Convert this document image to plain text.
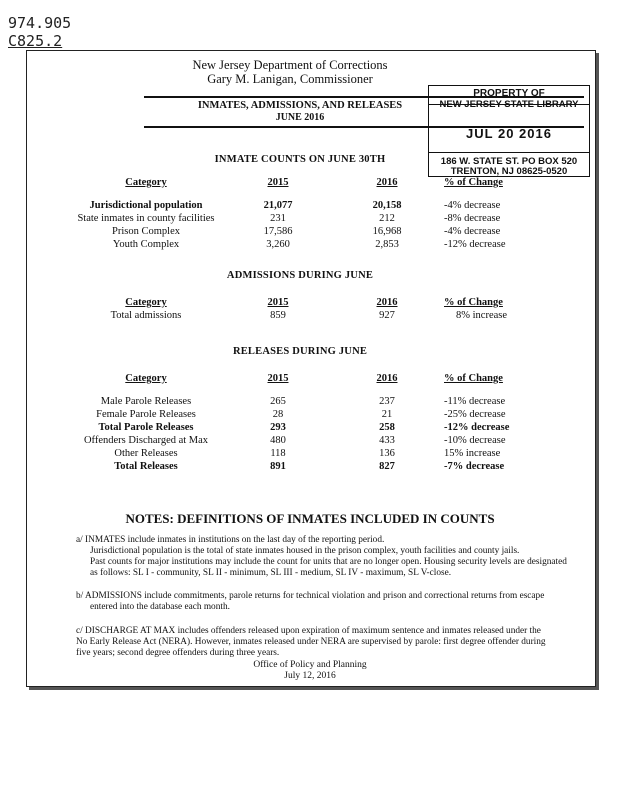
974.905
C825.2
New Jersey Department of Corrections
Gary M. Lanigan, Commissioner
INMATES, ADMISSIONS, AND RELEASES
JUNE 2016
PROPERTY OF
NEW JERSEY STATE LIBRARY
JUL 20 2016
186 W. STATE ST. PO BOX 520
TRENTON, NJ 08625-0520
INMATE COUNTS ON JUNE 30TH
Category	2015	2016	% of Change

Jurisdictional population	21,077	20,158	-4% decrease
State inmates in county facilities	231	212	-8% decrease
Prison Complex	17,586	16,968	-4% decrease
Youth Complex	3,260	2,853	-12% decrease
ADMISSIONS DURING JUNE
Category	2015	2016	% of Change
Total admissions	859	927	8% increase
RELEASES DURING JUNE
Category	2015	2016	% of Change

Male Parole Releases	265	237	-11% decrease
Female Parole Releases	28	21	-25% decrease
Total Parole Releases	293	258	-12% decrease
Offenders Discharged at Max	480	433	-10% decrease
Other Releases	118	136	15% increase
Total Releases	891	827	-7% decrease
NOTES: DEFINITIONS OF INMATES INCLUDED IN COUNTS
a/ INMATES include inmates in institutions on the last day of the reporting period.
Jurisdictional population is the total of state inmates housed in the prison complex, youth facilities and county jails.
Past counts for major institutions may include the count for units that are no longer open. Housing security levels are designated
as follows: SL I - community, SL II - minimum, SL III - medium, SL IV - maximum, SL V-close.
b/ ADMISSIONS include commitments, parole returns for technical violation and prison and correctional returns from escape
entered into the database each month.
c/ DISCHARGE AT MAX includes offenders released upon expiration of maximum sentence and inmates released under the
No Early Release Act (NERA). However, inmates released under NERA are supervised by parole: first degree offender during
five years; second degree offenders during three years.
Office of Policy and Planning
July 12, 2016
